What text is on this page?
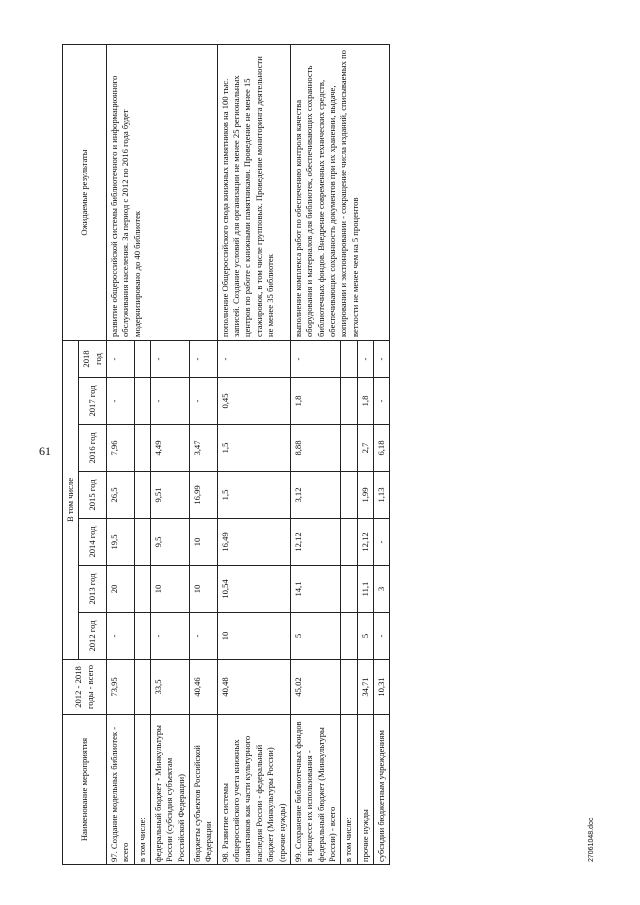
61
Наименование мероприятия	2012 - 2018 годы - всего	В том числе							Ожидаемые результаты
		2012 год	2013 год	2014 год	2015 год	2016 год	2017 год	2018 год	
97. Создание модельных библиотек - всего	73,95	-	20	19,5	26,5	7,96	-	-	развитие общероссийской системы библиотечного и информационного обслуживания населения. За период с 2012 по 2016 года будет модернизировано до 40 библиотек
в том числе:									
федеральный бюджет - Минкультуры России (субсидия субъектам Российской Федерации)	33,5	-	10	9,5	9,51	4,49	-	-	
бюджеты субъектов Российской Федерации	40,46	-	10	10	16,99	3,47	-	-	
98. Развитие системы общероссийского учета книжных памятников как части культурного наследия России - федеральный бюджет (Минкультуры России) (прочие нужды)	40,48	10	10,54	16,49	1,5	1,5	0,45	-	пополнение Общероссийского свода книжных памятников на 100 тыс. записей. Создание условий для организации не менее 25 региональных центров по работе с книжными памятниками. Проведение не менее 15 стажировок, в том числе групповых. Проведение мониторинга деятельности не менее 35 библиотек
99. Сохранение библиотечных фондов в процессе их использования - федеральный бюджет (Минкультуры России) - всего	45,02	5	14,1	12,12	3,12	8,88	1,8	-	выполнение комплекса работ по обеспечению контроля качества оборудования и материалов для библиотек, обеспечивающих сохранность библиотечных фондов. Внедрение современных технических средств, обеспечивающих сохранность документов при их хранении, выдаче, копировании и экспонировании - сокращение числа изданий, списываемых по ветхости не менее чем на 5 процентов
в том числе:									
прочие нужды	34,71	5	11,1	12,12	1,99	2,7	1,8	-	
субсидии бюджетным учреждениям	10,31	-	3	-	1,13	6,18	-	-	
27061048.doc
